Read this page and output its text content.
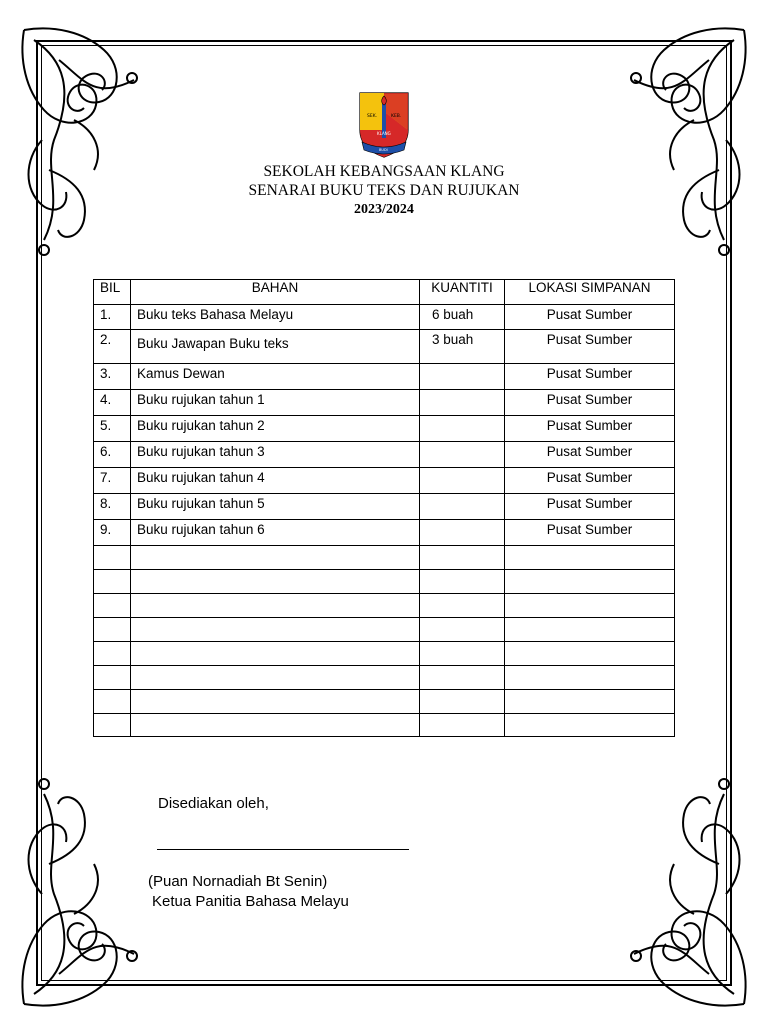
SEK.	KEB.
KLANG
BUDI
SEKOLAH KEBANGSAAN KLANG
SENARAI BUKU TEKS DAN RUJUKAN
2023/2024
BIL	BAHAN	KUANTITI	LOKASI SIMPANAN
1.	Buku teks Bahasa Melayu	6 buah	Pusat Sumber
2.	Buku Jawapan Buku teks	3 buah	Pusat Sumber
3.	Kamus Dewan		Pusat Sumber
4.	Buku rujukan tahun 1		Pusat Sumber
5.	Buku rujukan tahun 2		Pusat Sumber
6.	Buku rujukan tahun 3		Pusat Sumber
7.	Buku rujukan tahun 4		Pusat Sumber
8.	Buku rujukan tahun 5		Pusat Sumber
9.	Buku rujukan tahun 6		Pusat Sumber

Disediakan oleh,
(Puan Nornadiah Bt Senin)
Ketua Panitia Bahasa Melayu
